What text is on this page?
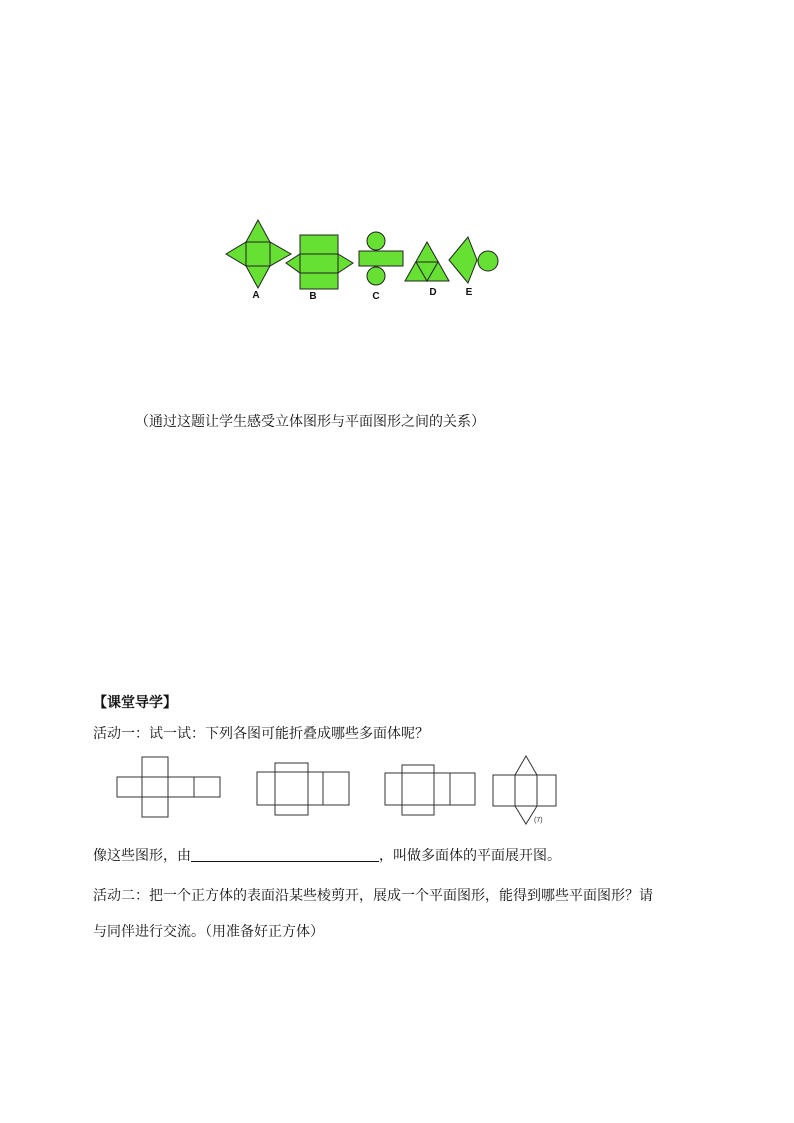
A	B	C	D	E
（通过这题让学生感受立体图形与平面图形之间的关系）
【课堂导学】
活动一：试一试：下列各图可能折叠成哪些多面体呢？
(7)
像这些图形，由	，叫做多面体的平面展开图。
活动二：把一个正方体的表面沿某些棱剪开，展成一个平面图形，能得到哪些平面图形？请
与同伴进行交流。（用准备好正方体）
